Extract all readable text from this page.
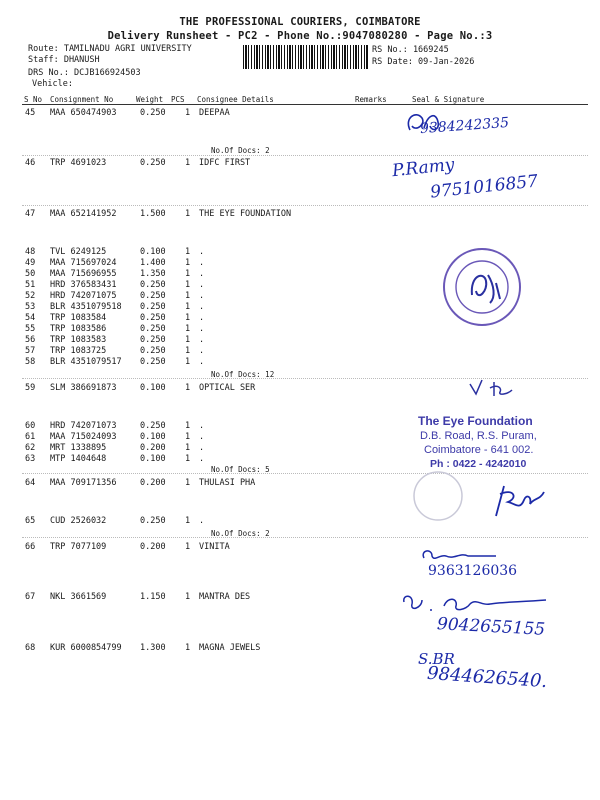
THE PROFESSIONAL COURIERS, COIMBATORE
Delivery Runsheet - PC2 - Phone No.:9047080280 - Page No.:3
Route: TAMILNADU AGRI UNIVERSITY
Staff: DHANUSH
DRS No.: DCJB166924503
Vehicle:
RS No.: 1669245
RS Date: 09-Jan-2026
S No Consignment No	Weight PCS Consignee Details	Remarks	Seal & Signature
45 MAA 650474903	0.250 1 DEEPAA
46 TRP 4691023	0.250 1 IDFC FIRST
47 MAA 652141952	1.500 1 THE EYE FOUNDATION
48 TVL 6249125	0.100 1 .
49 MAA 715697024	1.400 1 .
50 MAA 715696955	1.350 1 .
51 HRD 376583431	0.250 1 .
52 HRD 742071075	0.250 1 .
53 BLR 4351079518 0.250 1 .
54 TRP 1083584	0.250 1 .
55 TRP 1083586	0.250 1 .
56 TRP 1083583	0.250 1 .
57 TRP 1083725	0.250 1 .
58 BLR 4351079517 0.250 1 .
59 SLM 386691873	0.100 1 OPTICAL SER
60 HRD 742071073	0.250 1 .
61 MAA 715024093	0.100 1 .
62 MRT 1338895	0.200 1 .
63 MTP 1404648	0.100 1 .
64 MAA 709171356	0.200 1 THULASI PHA
65 CUD 2526032	0.250 1 .
66 TRP 7077109	0.200 1 VINITA
67 NKL 3661569	1.150 1 MANTRA DES
68 KUR 6000854799 1.300 1 MAGNA JEWELS
No.Of Docs: 2
No.Of Docs: 12
No.Of Docs: 5
No.Of Docs: 2
9384242335
P.Ramy
9751016857
The Eye Foundation
D.B. Road, R.S. Puram,
Coimbatore - 641 002.
Ph : 0422 - 4242010
9363126036
9042655155
S.BR
9844626540.
